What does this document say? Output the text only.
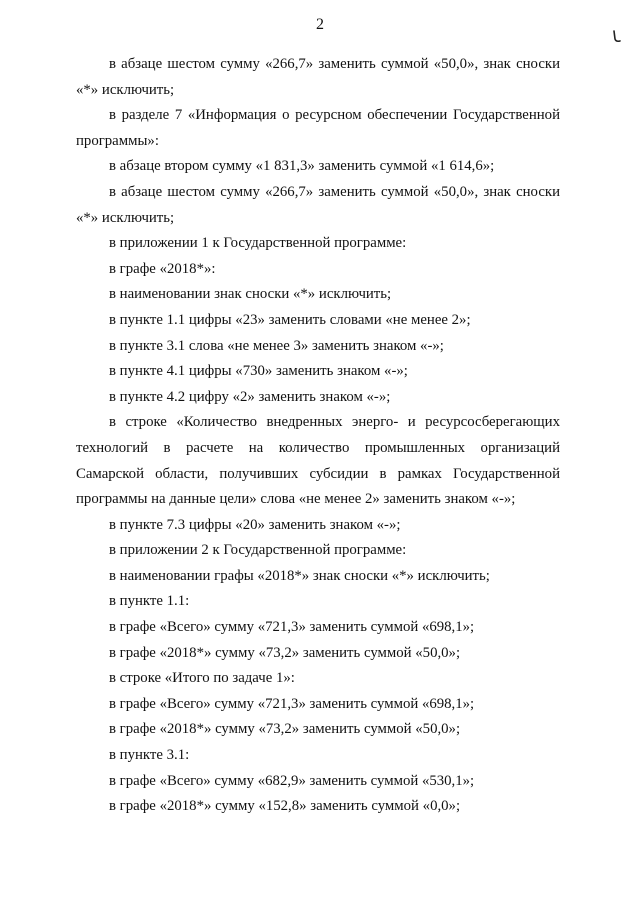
2

в абзаце шестом сумму «266,7» заменить суммой «50,0», знак сноски «*» исключить;

в разделе 7 «Информация о ресурсном обеспечении Государственной программы»:

в абзаце втором сумму «1 831,3» заменить суммой «1 614,6»;

в абзаце шестом сумму «266,7» заменить суммой «50,0», знак сноски «*» исключить;

в приложении 1 к Государственной программе:

в графе «2018*»:

в наименовании знак сноски «*» исключить;

в пункте 1.1 цифры «23» заменить словами «не менее 2»;

в пункте 3.1 слова «не менее 3» заменить знаком «-»;

в пункте 4.1 цифры «730» заменить знаком «-»;

в пункте 4.2 цифру «2» заменить знаком «-»;

в строке «Количество внедренных энерго- и ресурсосберегающих технологий в расчете на количество промышленных организаций Самарской области, получивших субсидии в рамках Государственной программы на данные цели» слова «не менее 2» заменить знаком «-»;

в пункте 7.3 цифры «20» заменить знаком «-»;

в приложении 2 к Государственной программе:

в наименовании графы «2018*» знак сноски «*» исключить;

в пункте 1.1:

в графе «Всего» сумму «721,3» заменить суммой «698,1»;

в графе «2018*» сумму «73,2» заменить суммой «50,0»;

в строке «Итого по задаче 1»:

в графе «Всего» сумму «721,3» заменить суммой «698,1»;

в графе «2018*» сумму «73,2» заменить суммой «50,0»;

в пункте 3.1:

в графе «Всего» сумму «682,9» заменить суммой «530,1»;

в графе «2018*» сумму «152,8» заменить суммой «0,0»;
